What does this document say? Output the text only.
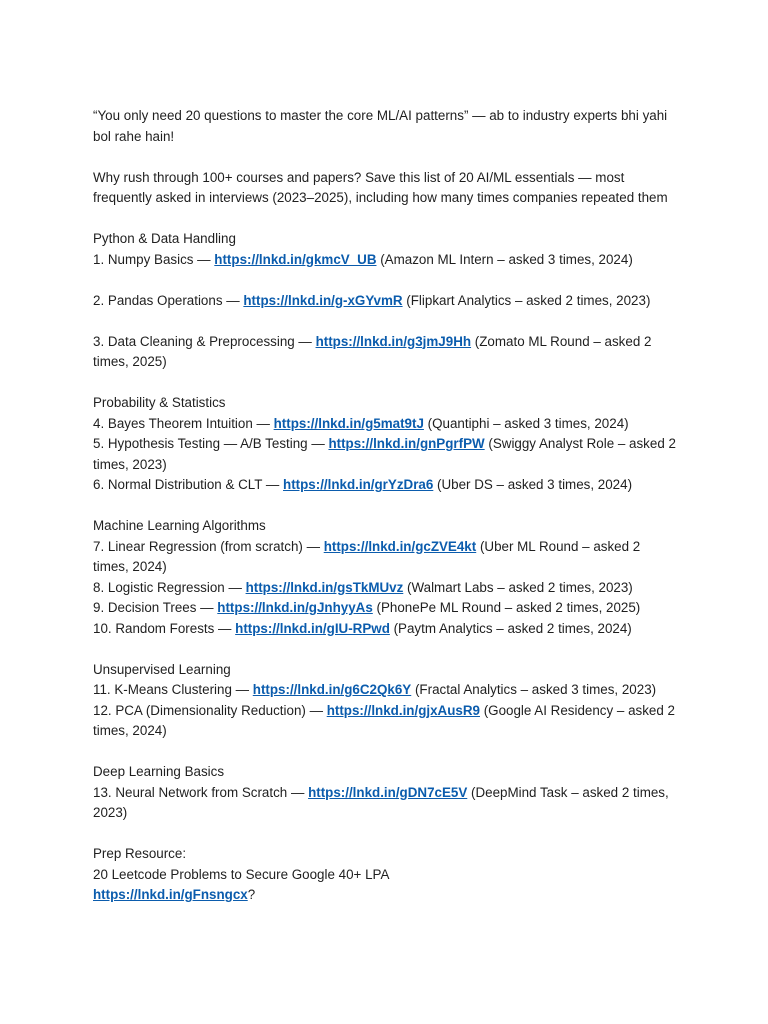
“You only need 20 questions to master the core ML/AI patterns” — ab to industry experts bhi yahi bol rahe hain!

Why rush through 100+ courses and papers? Save this list of 20 AI/ML essentials — most frequently asked in interviews (2023–2025), including how many times companies repeated them

Python & Data Handling
1. Numpy Basics — https://lnkd.in/gkmcV_UB (Amazon ML Intern – asked 3 times, 2024)
2. Pandas Operations — https://lnkd.in/g-xGYvmR (Flipkart Analytics – asked 2 times, 2023)
3. Data Cleaning & Preprocessing — https://lnkd.in/g3jmJ9Hh (Zomato ML Round – asked 2 times, 2025)
Probability & Statistics
4. Bayes Theorem Intuition — https://lnkd.in/g5mat9tJ (Quantiphi – asked 3 times, 2024)
5. Hypothesis Testing — A/B Testing — https://lnkd.in/gnPgrfPW (Swiggy Analyst Role – asked 2 times, 2023)
6. Normal Distribution & CLT — https://lnkd.in/grYzDra6 (Uber DS – asked 3 times, 2024)
Machine Learning Algorithms
7. Linear Regression (from scratch) — https://lnkd.in/gcZVE4kt (Uber ML Round – asked 2 times, 2024)
8. Logistic Regression — https://lnkd.in/gsTkMUvz (Walmart Labs – asked 2 times, 2023)
9. Decision Trees — https://lnkd.in/gJnhyyAs (PhonePe ML Round – asked 2 times, 2025)
10. Random Forests — https://lnkd.in/gIU-RPwd (Paytm Analytics – asked 2 times, 2024)
Unsupervised Learning
11. K-Means Clustering — https://lnkd.in/g6C2Qk6Y (Fractal Analytics – asked 3 times, 2023)
12. PCA (Dimensionality Reduction) — https://lnkd.in/gjxAusR9 (Google AI Residency – asked 2 times, 2024)
Deep Learning Basics
13. Neural Network from Scratch — https://lnkd.in/gDN7cE5V (DeepMind Task – asked 2 times, 2023)
Prep Resource:
20 Leetcode Problems to Secure Google 40+ LPA
https://lnkd.in/gFnsngcx?
